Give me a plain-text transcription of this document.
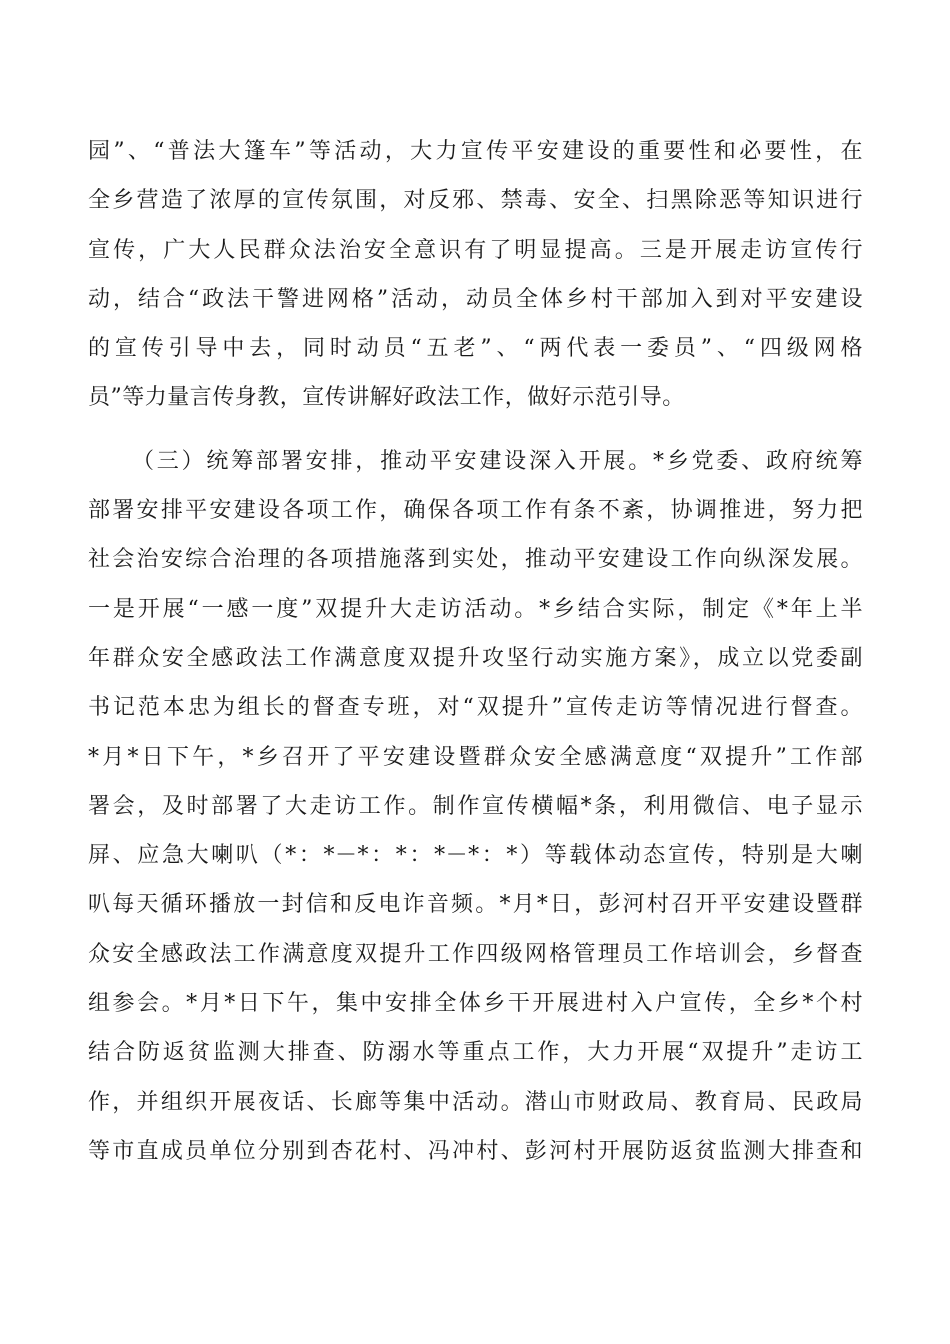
园”、“普法大篷车”等活动，大力宣传平安建设的重要性和必要性，在
全乡营造了浓厚的宣传氛围，对反邪、禁毒、安全、扫黑除恶等知识进行
宣传，广大人民群众法治安全意识有了明显提高。三是开展走访宣传行
动，结合“政法干警进网格”活动，动员全体乡村干部加入到对平安建设
的宣传引导中去，同时动员“五老”、“两代表一委员”、“四级网格
员”等力量言传身教，宣传讲解好政法工作，做好示范引导。
（三）统筹部署安排，推动平安建设深入开展。*乡党委、政府统筹
部署安排平安建设各项工作，确保各项工作有条不紊，协调推进，努力把
社会治安综合治理的各项措施落到实处，推动平安建设工作向纵深发展。
一是开展“一感一度”双提升大走访活动。*乡结合实际，制定《*年上半
年群众安全感政法工作满意度双提升攻坚行动实施方案》，成立以党委副
书记范本忠为组长的督查专班，对“双提升”宣传走访等情况进行督查。
*月*日下午，*乡召开了平安建设暨群众安全感满意度“双提升”工作部
署会，及时部署了大走访工作。制作宣传横幅*条，利用微信、电子显示
屏、应急大喇叭（*：*－*：*：*－*：*）等载体动态宣传，特别是大喇
叭每天循环播放一封信和反电诈音频。*月*日，彭河村召开平安建设暨群
众安全感政法工作满意度双提升工作四级网格管理员工作培训会，乡督查
组参会。*月*日下午，集中安排全体乡干开展进村入户宣传，全乡*个村
结合防返贫监测大排查、防溺水等重点工作，大力开展“双提升”走访工
作，并组织开展夜话、长廊等集中活动。潜山市财政局、教育局、民政局
等市直成员单位分别到杏花村、冯冲村、彭河村开展防返贫监测大排查和
